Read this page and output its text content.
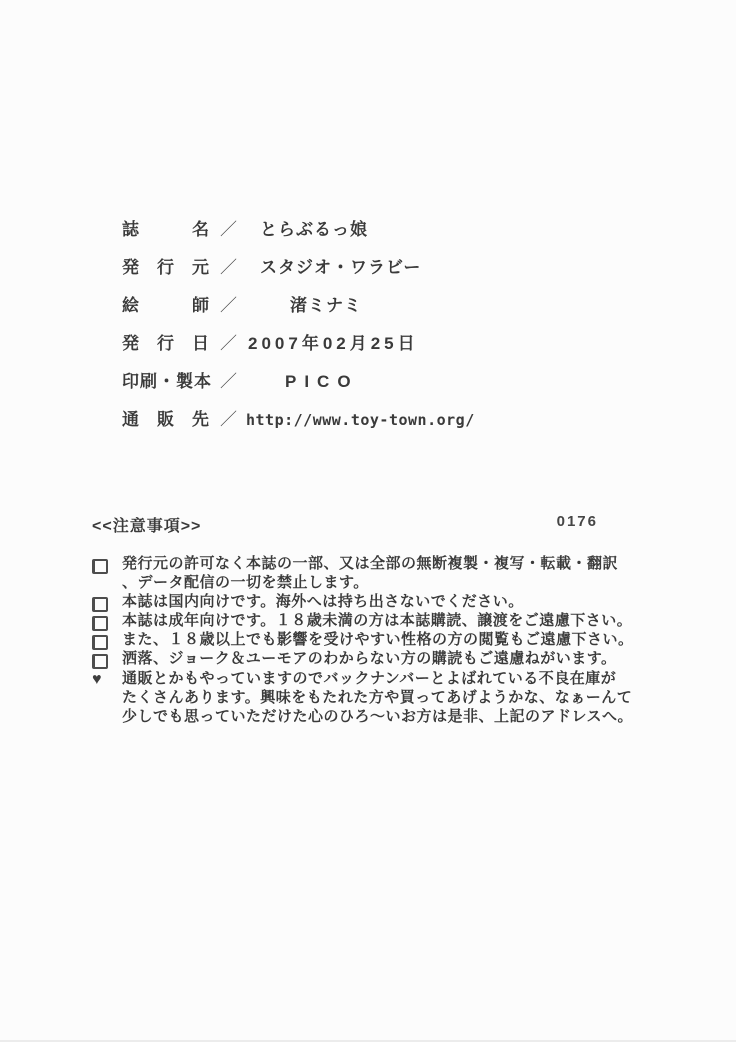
誌	名 ／ とらぶるっ娘
発 行 元 ／ スタジオ・ワラビー
絵	師 ／	渚ミナミ
発 行 日 ／ 2007年02月25日
印 刷 ・ 製 本 ／	PICO
通 販 先 ／ http://www.toy-town.org/
<<注意事項>>	0176
発行元の許可なく本誌の一部、又は全部の無断複製・複写・転載・翻訳
、データ配信の一切を禁止します。
本誌は国内向けです。海外へは持ち出さないでください。
本誌は成年向けです。１８歳未満の方は本誌購読、譲渡をご遠慮下さい。
また、１８歳以上でも影響を受けやすい性格の方の閲覧もご遠慮下さい。
洒落、ジョーク＆ユーモアのわからない方の購読もご遠慮ねがいます。
♥	通販とかもやっていますのでバックナンバーとよばれている不良在庫が
たくさんあります。興味をもたれた方や買ってあげようかな、なぁーんて
少しでも思っていただけた心のひろ～いお方は是非、上記のアドレスへ。
